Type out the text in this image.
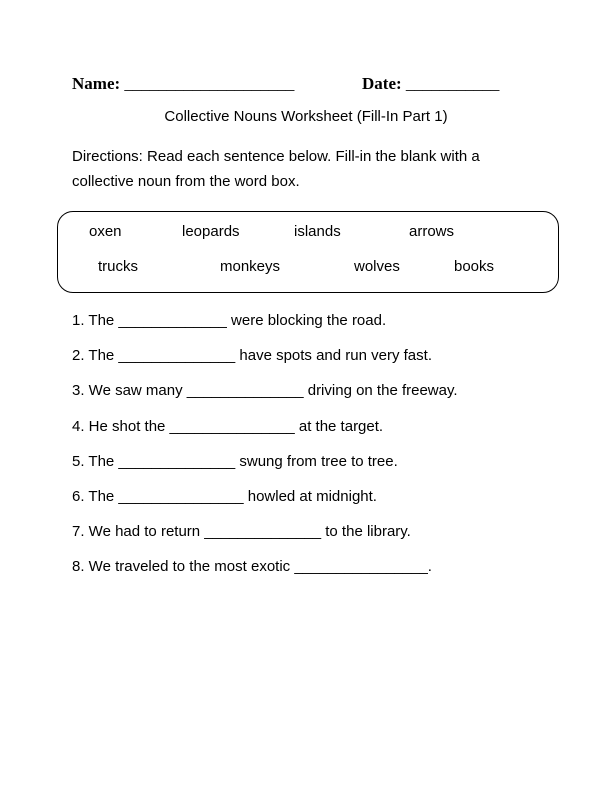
Name: ____________________	Date: ___________
Collective Nouns Worksheet (Fill-In Part 1)
Directions: Read each sentence below. Fill-in the blank with a collective noun from the word box.
oxen	leopards	islands	arrows
trucks	monkeys	wolves	books
1. The _____________ were blocking the road.
2. The ______________ have spots and run very fast.
3. We saw many ______________ driving on the freeway.
4. He shot the _______________ at the target.
5. The ______________ swung from tree to tree.
6. The _______________ howled at midnight.
7. We had to return ______________ to the library.
8. We traveled to the most exotic ________________.
